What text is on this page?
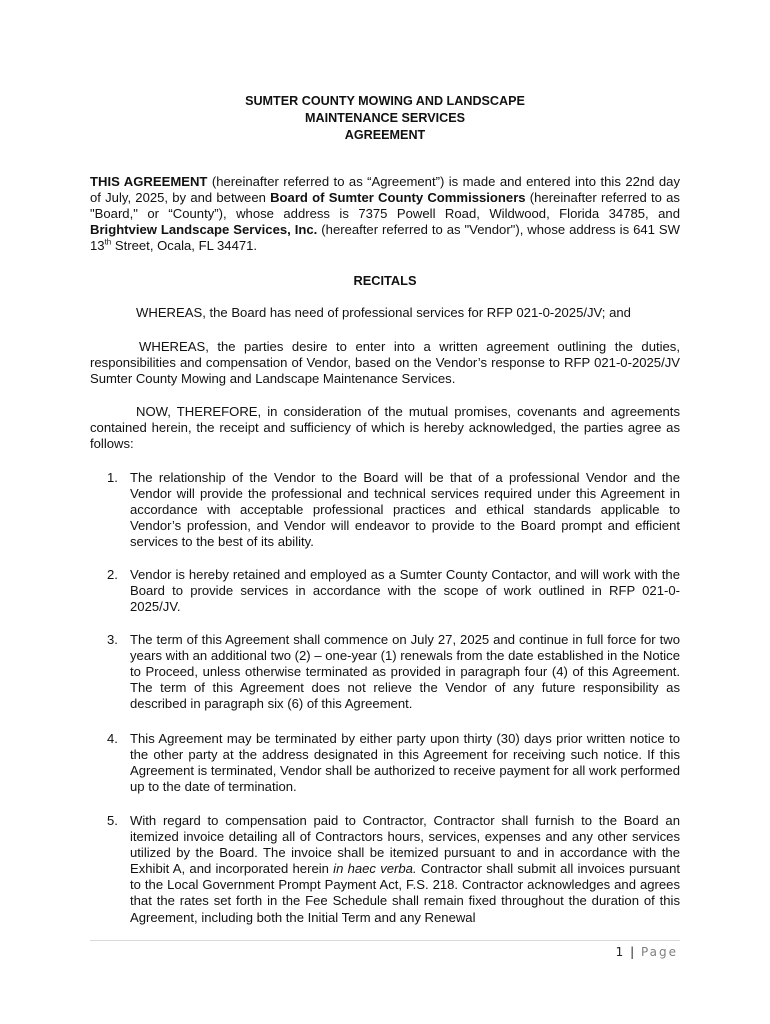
SUMTER COUNTY MOWING AND LANDSCAPE
MAINTENANCE SERVICES
AGREEMENT
THIS AGREEMENT (hereinafter referred to as “Agreement”) is made and entered into this 22nd day of July, 2025, by and between Board of Sumter County Commissioners (hereinafter referred to as "Board," or “County”), whose address is 7375 Powell Road, Wildwood, Florida 34785, and Brightview Landscape Services, Inc. (hereafter referred to as "Vendor"), whose address is 641 SW 13th Street, Ocala, FL 34471.
RECITALS
WHEREAS, the Board has need of professional services for RFP 021-0-2025/JV; and
WHEREAS, the parties desire to enter into a written agreement outlining the duties, responsibilities and compensation of Vendor, based on the Vendor’s response to RFP 021-0-2025/JV Sumter County Mowing and Landscape Maintenance Services.
NOW, THEREFORE, in consideration of the mutual promises, covenants and agreements contained herein, the receipt and sufficiency of which is hereby acknowledged, the parties agree as follows:
1. The relationship of the Vendor to the Board will be that of a professional Vendor and the Vendor will provide the professional and technical services required under this Agreement in accordance with acceptable professional practices and ethical standards applicable to Vendor’s profession, and Vendor will endeavor to provide to the Board prompt and efficient services to the best of its ability.
2. Vendor is hereby retained and employed as a Sumter County Contactor, and will work with the Board to provide services in accordance with the scope of work outlined in RFP 021-0-2025/JV.
3. The term of this Agreement shall commence on July 27, 2025 and continue in full force for two years with an additional two (2) – one-year (1) renewals from the date established in the Notice to Proceed, unless otherwise terminated as provided in paragraph four (4) of this Agreement. The term of this Agreement does not relieve the Vendor of any future responsibility as described in paragraph six (6) of this Agreement.
4. This Agreement may be terminated by either party upon thirty (30) days prior written notice to the other party at the address designated in this Agreement for receiving such notice. If this Agreement is terminated, Vendor shall be authorized to receive payment for all work performed up to the date of termination.
5. With regard to compensation paid to Contractor, Contractor shall furnish to the Board an itemized invoice detailing all of Contractors hours, services, expenses and any other services utilized by the Board. The invoice shall be itemized pursuant to and in accordance with the Exhibit A, and incorporated herein in haec verba. Contractor shall submit all invoices pursuant to the Local Government Prompt Payment Act, F.S. 218. Contractor acknowledges and agrees that the rates set forth in the Fee Schedule shall remain fixed throughout the duration of this Agreement, including both the Initial Term and any Renewal
1 | Page
